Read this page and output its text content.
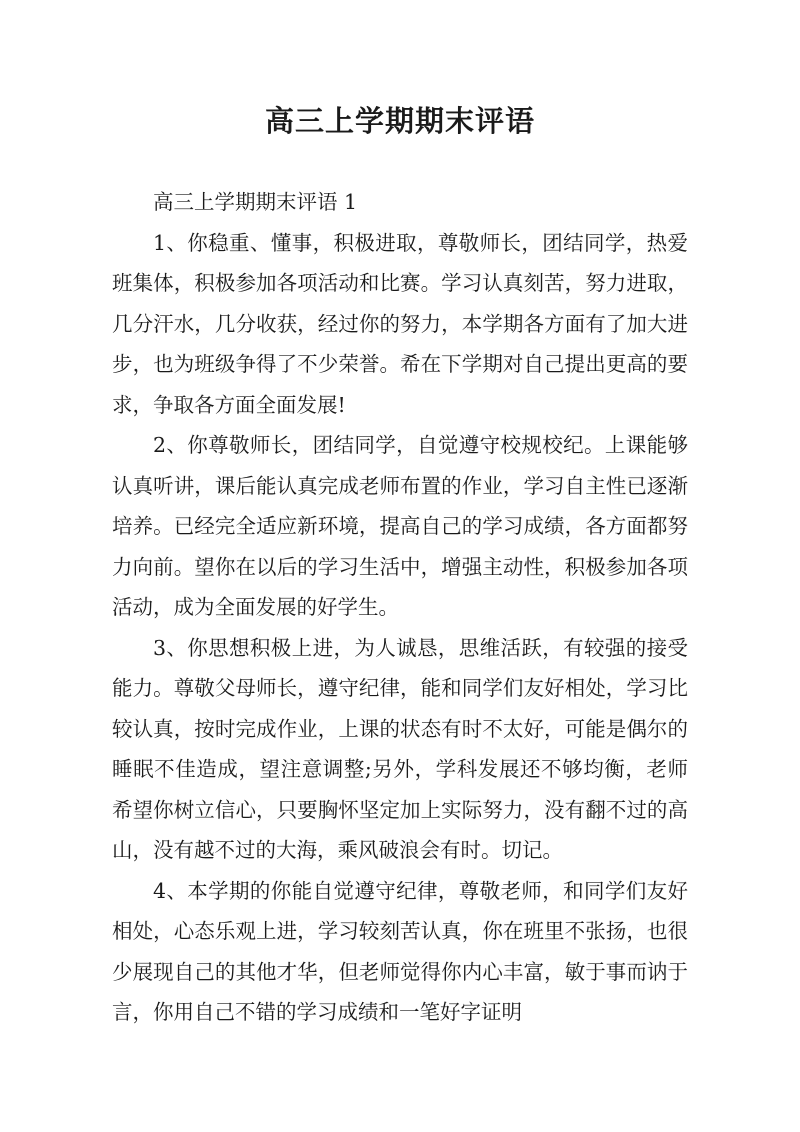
高三上学期期末评语

高三上学期期末评语 1

1、你稳重、懂事，积极进取，尊敬师长，团结同学，热爱班集体，积极参加各项活动和比赛。学习认真刻苦，努力进取，几分汗水，几分收获，经过你的努力，本学期各方面有了加大进步，也为班级争得了不少荣誉。希在下学期对自己提出更高的要求，争取各方面全面发展!

2、你尊敬师长，团结同学，自觉遵守校规校纪。上课能够认真听讲，课后能认真完成老师布置的作业，学习自主性已逐渐培养。已经完全适应新环境，提高自己的学习成绩，各方面都努力向前。望你在以后的学习生活中，增强主动性，积极参加各项活动，成为全面发展的好学生。

3、你思想积极上进，为人诚恳，思维活跃，有较强的接受能力。尊敬父母师长，遵守纪律，能和同学们友好相处，学习比较认真，按时完成作业，上课的状态有时不太好，可能是偶尔的睡眠不佳造成，望注意调整;另外，学科发展还不够均衡，老师希望你树立信心，只要胸怀坚定加上实际努力，没有翻不过的高山，没有越不过的大海，乘风破浪会有时。切记。

4、本学期的你能自觉遵守纪律，尊敬老师，和同学们友好相处，心态乐观上进，学习较刻苦认真，你在班里不张扬，也很少展现自己的其他才华，但老师觉得你内心丰富，敏于事而讷于言，你用自己不错的学习成绩和一笔好字证明
